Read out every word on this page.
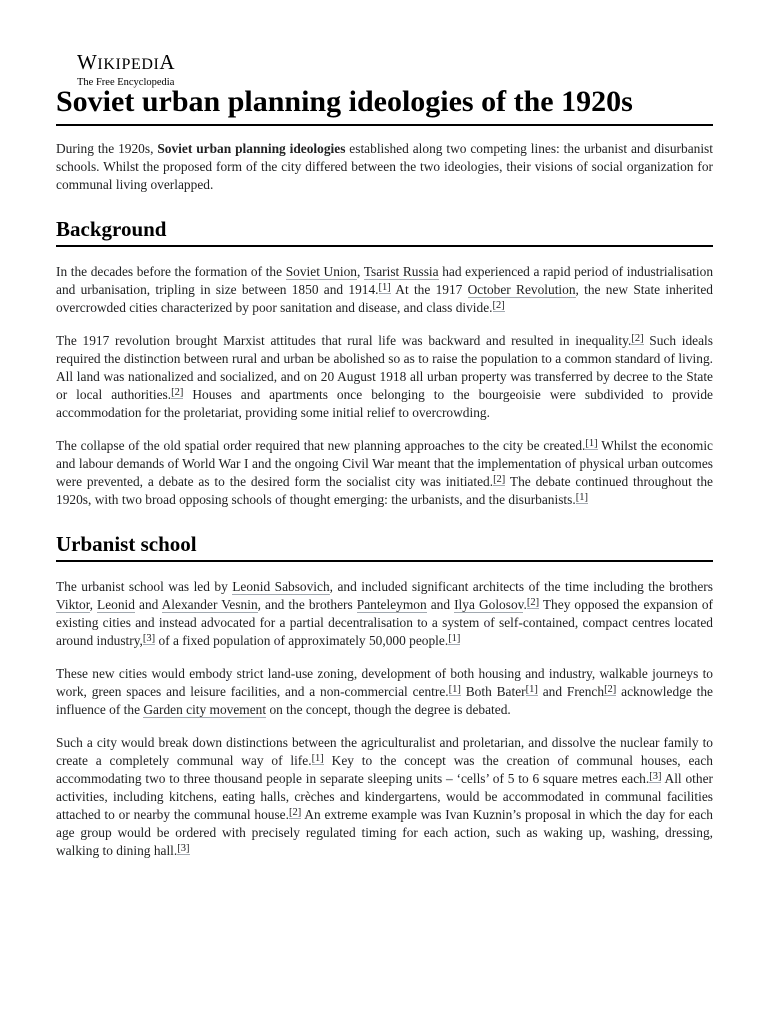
WIKIPEDIA
The Free Encyclopedia
Soviet urban planning ideologies of the 1920s

During the 1920s, Soviet urban planning ideologies established along two competing lines: the urbanist and disurbanist schools. Whilst the proposed form of the city differed between the two ideologies, their visions of social organization for communal living overlapped.

Background

In the decades before the formation of the Soviet Union, Tsarist Russia had experienced a rapid period of industrialisation and urbanisation, tripling in size between 1850 and 1914.[1] At the 1917 October Revolution, the new State inherited overcrowded cities characterized by poor sanitation and disease, and class divide.[2]

The 1917 revolution brought Marxist attitudes that rural life was backward and resulted in inequality.[2] Such ideals required the distinction between rural and urban be abolished so as to raise the population to a common standard of living. All land was nationalized and socialized, and on 20 August 1918 all urban property was transferred by decree to the State or local authorities.[2] Houses and apartments once belonging to the bourgeoisie were subdivided to provide accommodation for the proletariat, providing some initial relief to overcrowding.

The collapse of the old spatial order required that new planning approaches to the city be created.[1] Whilst the economic and labour demands of World War I and the ongoing Civil War meant that the implementation of physical urban outcomes were prevented, a debate as to the desired form the socialist city was initiated.[2] The debate continued throughout the 1920s, with two broad opposing schools of thought emerging: the urbanists, and the disurbanists.[1]

Urbanist school

The urbanist school was led by Leonid Sabsovich, and included significant architects of the time including the brothers Viktor, Leonid and Alexander Vesnin, and the brothers Panteleymon and Ilya Golosov.[2] They opposed the expansion of existing cities and instead advocated for a partial decentralisation to a system of self-contained, compact centres located around industry,[3] of a fixed population of approximately 50,000 people.[1]

These new cities would embody strict land-use zoning, development of both housing and industry, walkable journeys to work, green spaces and leisure facilities, and a non-commercial centre.[1] Both Bater[1] and French[2] acknowledge the influence of the Garden city movement on the concept, though the degree is debated.

Such a city would break down distinctions between the agriculturalist and proletarian, and dissolve the nuclear family to create a completely communal way of life.[1] Key to the concept was the creation of communal houses, each accommodating two to three thousand people in separate sleeping units – ‘cells’ of 5 to 6 square metres each.[3] All other activities, including kitchens, eating halls, crèches and kindergartens, would be accommodated in communal facilities attached to or nearby the communal house.[2] An extreme example was Ivan Kuznin’s proposal in which the day for each age group would be ordered with precisely regulated timing for each action, such as waking up, washing, dressing, walking to dining hall.[3]
